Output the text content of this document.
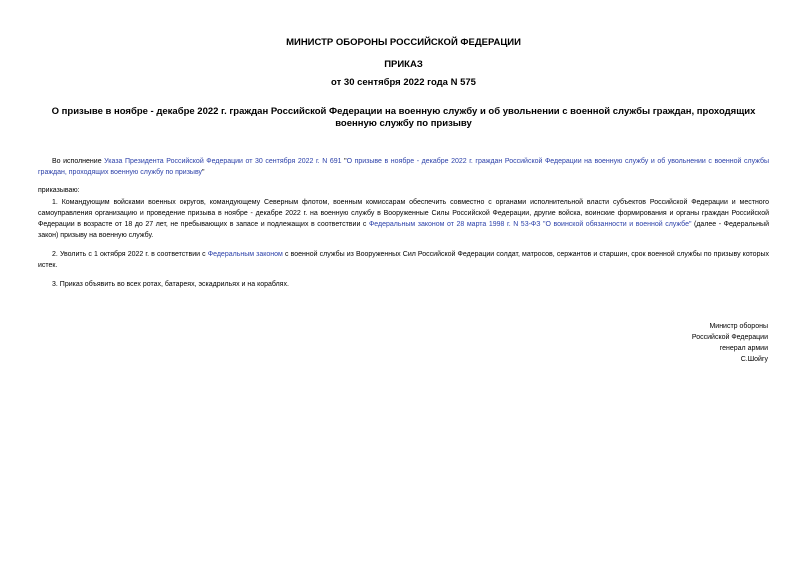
МИНИСТР ОБОРОНЫ РОССИЙСКОЙ ФЕДЕРАЦИИ
ПРИКАЗ
от 30 сентября 2022 года N 575
О призыве в ноябре - декабре 2022 г. граждан Российской Федерации на военную службу и об увольнении с военной службы граждан, проходящих военную службу по призыву
Во исполнение Указа Президента Российской Федерации от 30 сентября 2022 г. N 691 "О призыве в ноябре - декабре 2022 г. граждан Российской Федерации на военную службу и об увольнении с военной службы граждан, проходящих военную службу по призыву"
приказываю:
1. Командующим войсками военных округов, командующему Северным флотом, военным комиссарам обеспечить совместно с органами исполнительной власти субъектов Российской Федерации и местного самоуправления организацию и проведение призыва в ноябре - декабре 2022 г. на военную службу в Вооруженные Силы Российской Федерации, другие войска, воинские формирования и органы граждан Российской Федерации в возрасте от 18 до 27 лет, не пребывающих в запасе и подлежащих в соответствии с Федеральным законом от 28 марта 1998 г. N 53-ФЗ "О воинской обязанности и военной службе" (далее - Федеральный закон) призыву на военную службу.
2. Уволить с 1 октября 2022 г. в соответствии с Федеральным законом с военной службы из Вооруженных Сил Российской Федерации солдат, матросов, сержантов и старшин, срок военной службы по призыву которых истек.
3. Приказ объявить во всех ротах, батареях, эскадрильях и на кораблях.
Министр обороны
Российской Федерации
генерал армии
С.Шойгу
